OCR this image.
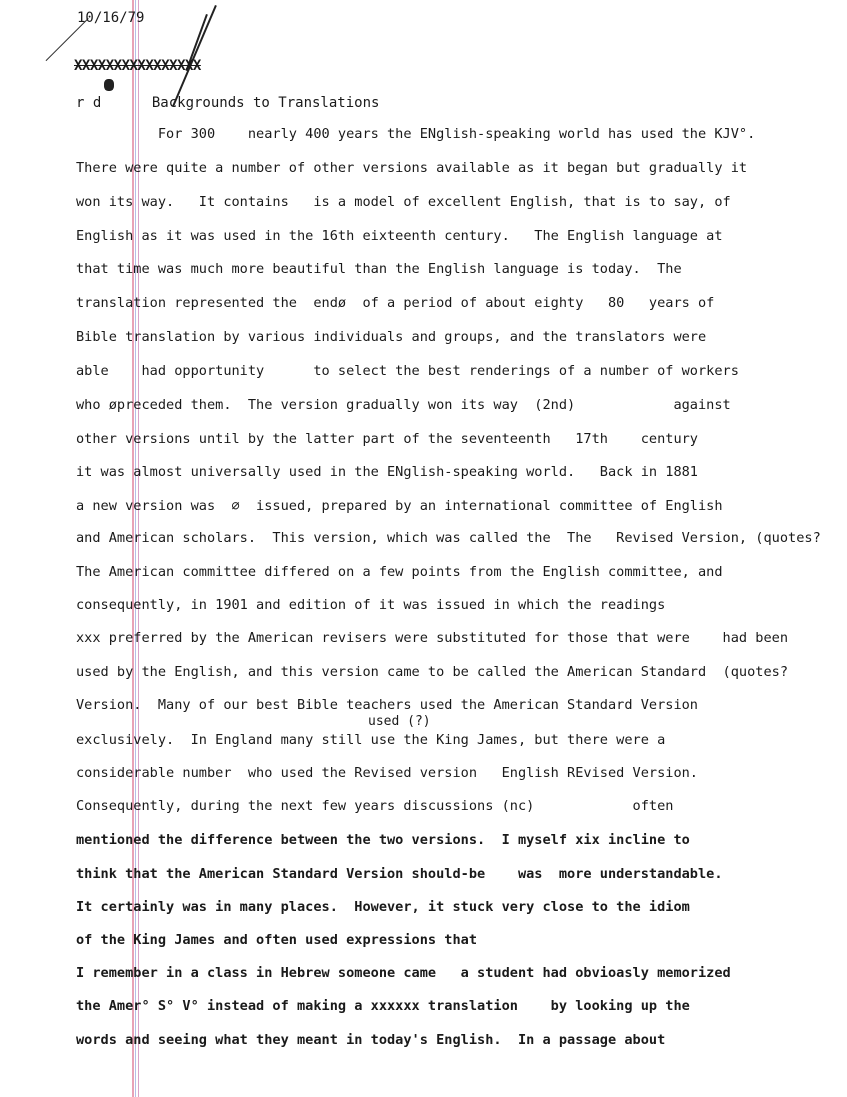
10/16/79
XXXXXXXXXXXXXXXX
r d      Backgrounds to Translations
For 300    nearly 400 years the ENglish-speaking world has used the KJV°.
There were quite a number of other versions available as it began but gradually it
won its way.   It contains   is a model of excellent English, that is to say, of
English as it was used in the 16th eixteenth century.   The English language at
that time was much more beautiful than the English language is today.  The
translation represented the  endø  of a period of about eighty   80   years of
Bible translation by various individuals and groups, and the translators were
able    had opportunity      to select the best renderings of a number of workers
who øpreceded them.  The version gradually won its way  (2nd)            against
other versions until by the latter part of the seventeenth   17th    century
it was almost universally used in the ENglish-speaking world.   Back in 1881
a new version was  ∅  issued, prepared by an international committee of English
and American scholars.  This version, which was called the  The   Revised Version, (quotes?
The American committee differed on a few points from the English committee, and
consequently, in 1901 and edition of it was issued in which the readings
xxx preferred by the American revisers were substituted for those that were    had been
used by the English, and this version came to be called the American Standard  (quotes?
Version.  Many of our best Bible teachers used the American Standard Version
used (?)
exclusively.  In England many still use the King James, but there were a
considerable number  who used the Revised version   English REvised Version.
Consequently, during the next few years discussions (nc)            often
mentioned the difference between the two versions.  I myself xix incline to
think that the American Standard Version should-be    was  more understandable.
It certainly was in many places.  However, it stuck very close to the idiom
of the King James and often used expressions that
I remember in a class in Hebrew someone came   a student had obvioasly memorized
the Amer° S° V° instead of making a xxxxxx translation    by looking up the
words and seeing what they meant in today's English.  In a passage about
